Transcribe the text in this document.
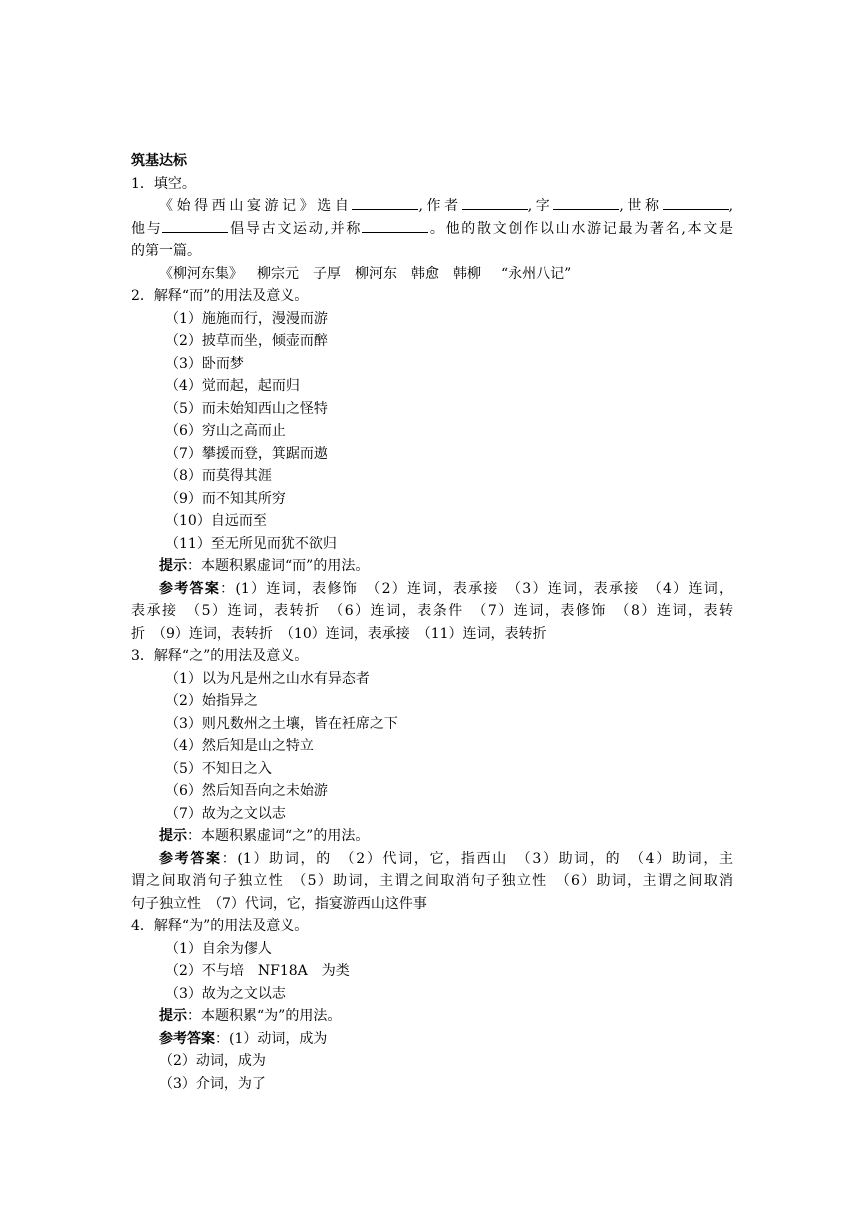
筑基达标
1．填空。
《始得西山宴游记》选自	,作者	,字	,世称	,
他与	倡导古文运动,并称	。他的散文创作以山水游记最为著名,本文是
的第一篇。
《柳河东集》 柳宗元 子厚 柳河东 韩愈 韩柳 “永州八记”
2．解释“而”的用法及意义。
（1）施施而行，漫漫而游
（2）披草而坐，倾壶而醉
（3）卧而梦
（4）觉而起，起而归
（5）而未始知西山之怪特
（6）穷山之高而止
（7）攀援而登，箕踞而遨
（8）而莫得其涯
（9）而不知其所穷
（10）自远而至
（11）至无所见而犹不欲归
提示：本题积累虚词“而”的用法。
参考答案：(1）连词，表修饰　（2）连词，表承接　（3）连词，表承接　（4）连词，
表承接　（5）连词，表转折　（6）连词，表条件　（7）连词，表修饰　（8）连词，表转
折　（9）连词，表转折　（10）连词，表承接　（11）连词，表转折
3．解释“之”的用法及意义。
（1）以为凡是州之山水有异态者
（2）始指异之
（3）则凡数州之土壤，皆在衽席之下
（4）然后知是山之特立
（5）不知日之入
（6）然后知吾向之未始游
（7）故为之文以志
提示：本题积累虚词“之”的用法。
参考答案：(1）助词，的　（2）代词，它，指西山　（3）助词，的　（4）助词，主
谓之间取消句子独立性　（5）助词，主谓之间取消句子独立性　（6）助词，主谓之间取消
句子独立性　（7）代词，它，指宴游西山这件事
4．解释“为”的用法及意义。
（1）自余为僇人
（2）不与培　NF18A　为类
（3）故为之文以志
提示：本题积累“为”的用法。
参考答案：(1）动词，成为
（2）动词，成为
（3）介词，为了
